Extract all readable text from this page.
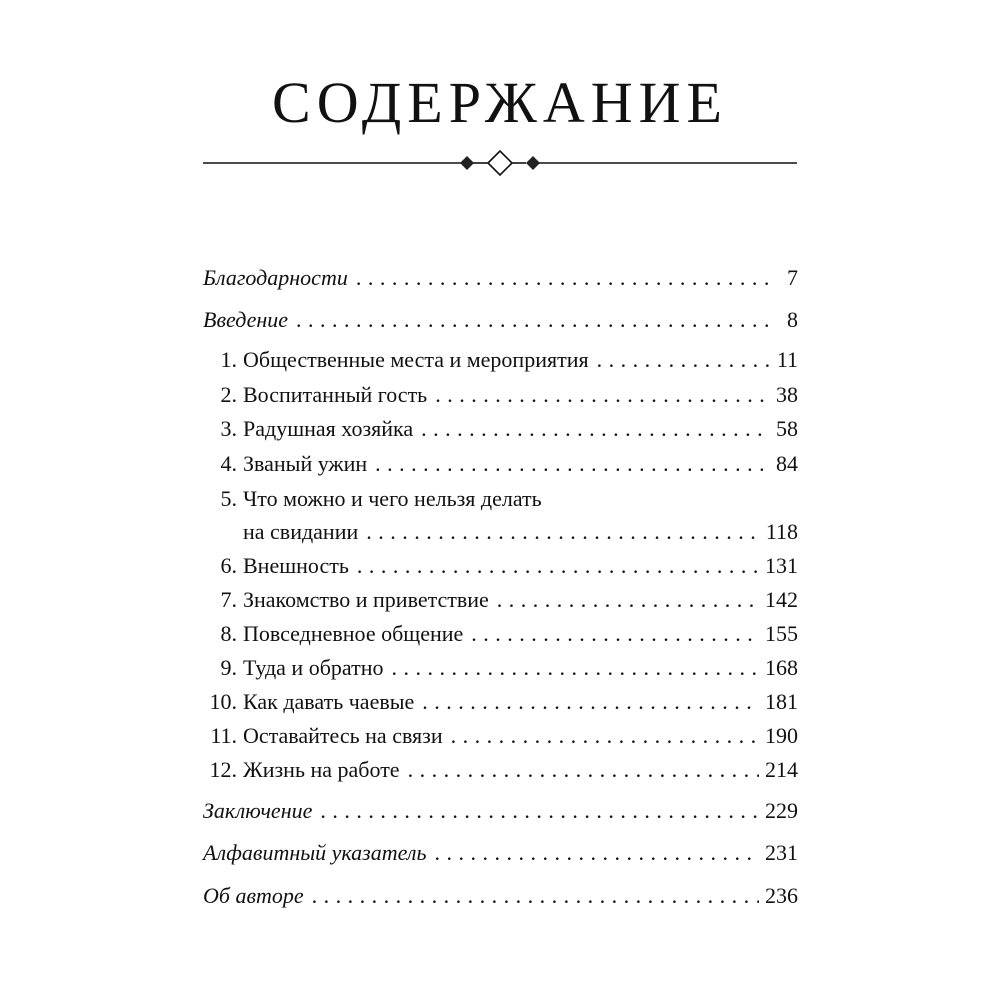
СОДЕРЖАНИЕ
Благодарности . . .	7
Введение . . .	8
1. Общественные места и мероприятия . . .	11
2. Воспитанный гость . . .	38
3. Радушная хозяйка . . .	58
4. Званый ужин . . .	84
5. Что можно и чего нельзя делать
на свидании . . .	118
6. Внешность . . .	131
7. Знакомство и приветствие . . .	142
8. Повседневное общение . . .	155
9. Туда и обратно . . .	168
10. Как давать чаевые . . .	181
11. Оставайтесь на связи . . .	190
12. Жизнь на работе . . .	214
Заключение . . .	229
Алфавитный указатель . . .	231
Об авторе . . .	236
